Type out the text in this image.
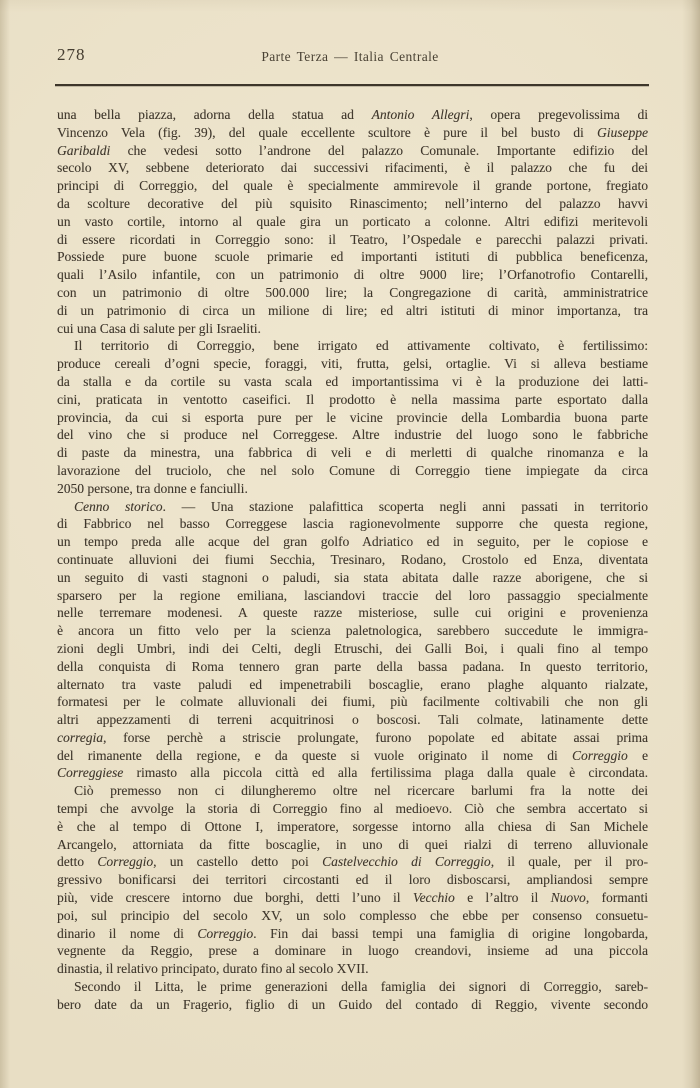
278	Parte Terza — Italia Centrale
una bella piazza, adorna della statua ad Antonio Allegri, opera pregevolissima di
Vincenzo Vela (fig. 39), del quale eccellente scultore è pure il bel busto di Giuseppe
Garibaldi che vedesi sotto l’androne del palazzo Comunale. Importante edifizio del
secolo XV, sebbene deteriorato dai successivi rifacimenti, è il palazzo che fu dei
principi di Correggio, del quale è specialmente ammirevole il grande portone, fregiato
da scolture decorative del più squisito Rinascimento; nell’interno del palazzo havvi
un vasto cortile, intorno al quale gira un porticato a colonne. Altri edifizi meritevoli
di essere ricordati in Correggio sono: il Teatro, l’Ospedale e parecchi palazzi privati.
Possiede pure buone scuole primarie ed importanti istituti di pubblica beneficenza,
quali l’Asilo infantile, con un patrimonio di oltre 9000 lire; l’Orfanotrofio Contarelli,
con un patrimonio di oltre 500.000 lire; la Congregazione di carità, amministratrice
di un patrimonio di circa un milione di lire; ed altri istituti di minor importanza, tra
cui una Casa di salute per gli Israeliti.
Il territorio di Correggio, bene irrigato ed attivamente coltivato, è fertilissimo:
produce cereali d’ogni specie, foraggi, viti, frutta, gelsi, ortaglie. Vi si alleva bestiame
da stalla e da cortile su vasta scala ed importantissima vi è la produzione dei latti-
cini, praticata in ventotto caseifici. Il prodotto è nella massima parte esportato dalla
provincia, da cui si esporta pure per le vicine provincie della Lombardia buona parte
del vino che si produce nel Correggese. Altre industrie del luogo sono le fabbriche
di paste da minestra, una fabbrica di veli e di merletti di qualche rinomanza e la
lavorazione del truciolo, che nel solo Comune di Correggio tiene impiegate da circa
2050 persone, tra donne e fanciulli.
Cenno storico. — Una stazione palafittica scoperta negli anni passati in territorio
di Fabbrico nel basso Correggese lascia ragionevolmente supporre che questa regione,
un tempo preda alle acque del gran golfo Adriatico ed in seguito, per le copiose e
continuate alluvioni dei fiumi Secchia, Tresinaro, Rodano, Crostolo ed Enza, diventata
un seguito di vasti stagnoni o paludi, sia stata abitata dalle razze aborigene, che si
sparsero per la regione emiliana, lasciandovi traccie del loro passaggio specialmente
nelle terremare modenesi. A queste razze misteriose, sulle cui origini e provenienza
è ancora un fitto velo per la scienza paletnologica, sarebbero succedute le immigra-
zioni degli Umbri, indi dei Celti, degli Etruschi, dei Galli Boi, i quali fino al tempo
della conquista di Roma tennero gran parte della bassa padana. In questo territorio,
alternato tra vaste paludi ed impenetrabili boscaglie, erano plaghe alquanto rialzate,
formatesi per le colmate alluvionali dei fiumi, più facilmente coltivabili che non gli
altri appezzamenti di terreni acquitrinosi o boscosi. Tali colmate, latinamente dette
corregia, forse perchè a striscie prolungate, furono popolate ed abitate assai prima
del rimanente della regione, e da queste si vuole originato il nome di Correggio e
Correggiese rimasto alla piccola città ed alla fertilissima plaga dalla quale è circondata.
Ciò premesso non ci dilungheremo oltre nel ricercare barlumi fra la notte dei
tempi che avvolge la storia di Correggio fino al medioevo. Ciò che sembra accertato si
è che al tempo di Ottone I, imperatore, sorgesse intorno alla chiesa di San Michele
Arcangelo, attorniata da fitte boscaglie, in uno di quei rialzi di terreno alluvionale
detto Correggio, un castello detto poi Castelvecchio di Correggio, il quale, per il pro-
gressivo bonificarsi dei territori circostanti ed il loro disboscarsi, ampliandosi sempre
più, vide crescere intorno due borghi, detti l’uno il Vecchio e l’altro il Nuovo, formanti
poi, sul principio del secolo XV, un solo complesso che ebbe per consenso consuetu-
dinario il nome di Correggio. Fin dai bassi tempi una famiglia di origine longobarda,
vegnente da Reggio, prese a dominare in luogo creandovi, insieme ad una piccola
dinastia, il relativo principato, durato fino al secolo XVII.
Secondo il Litta, le prime generazioni della famiglia dei signori di Correggio, sareb-
bero date da un Fragerio, figlio di un Guido del contado di Reggio, vivente secondo
